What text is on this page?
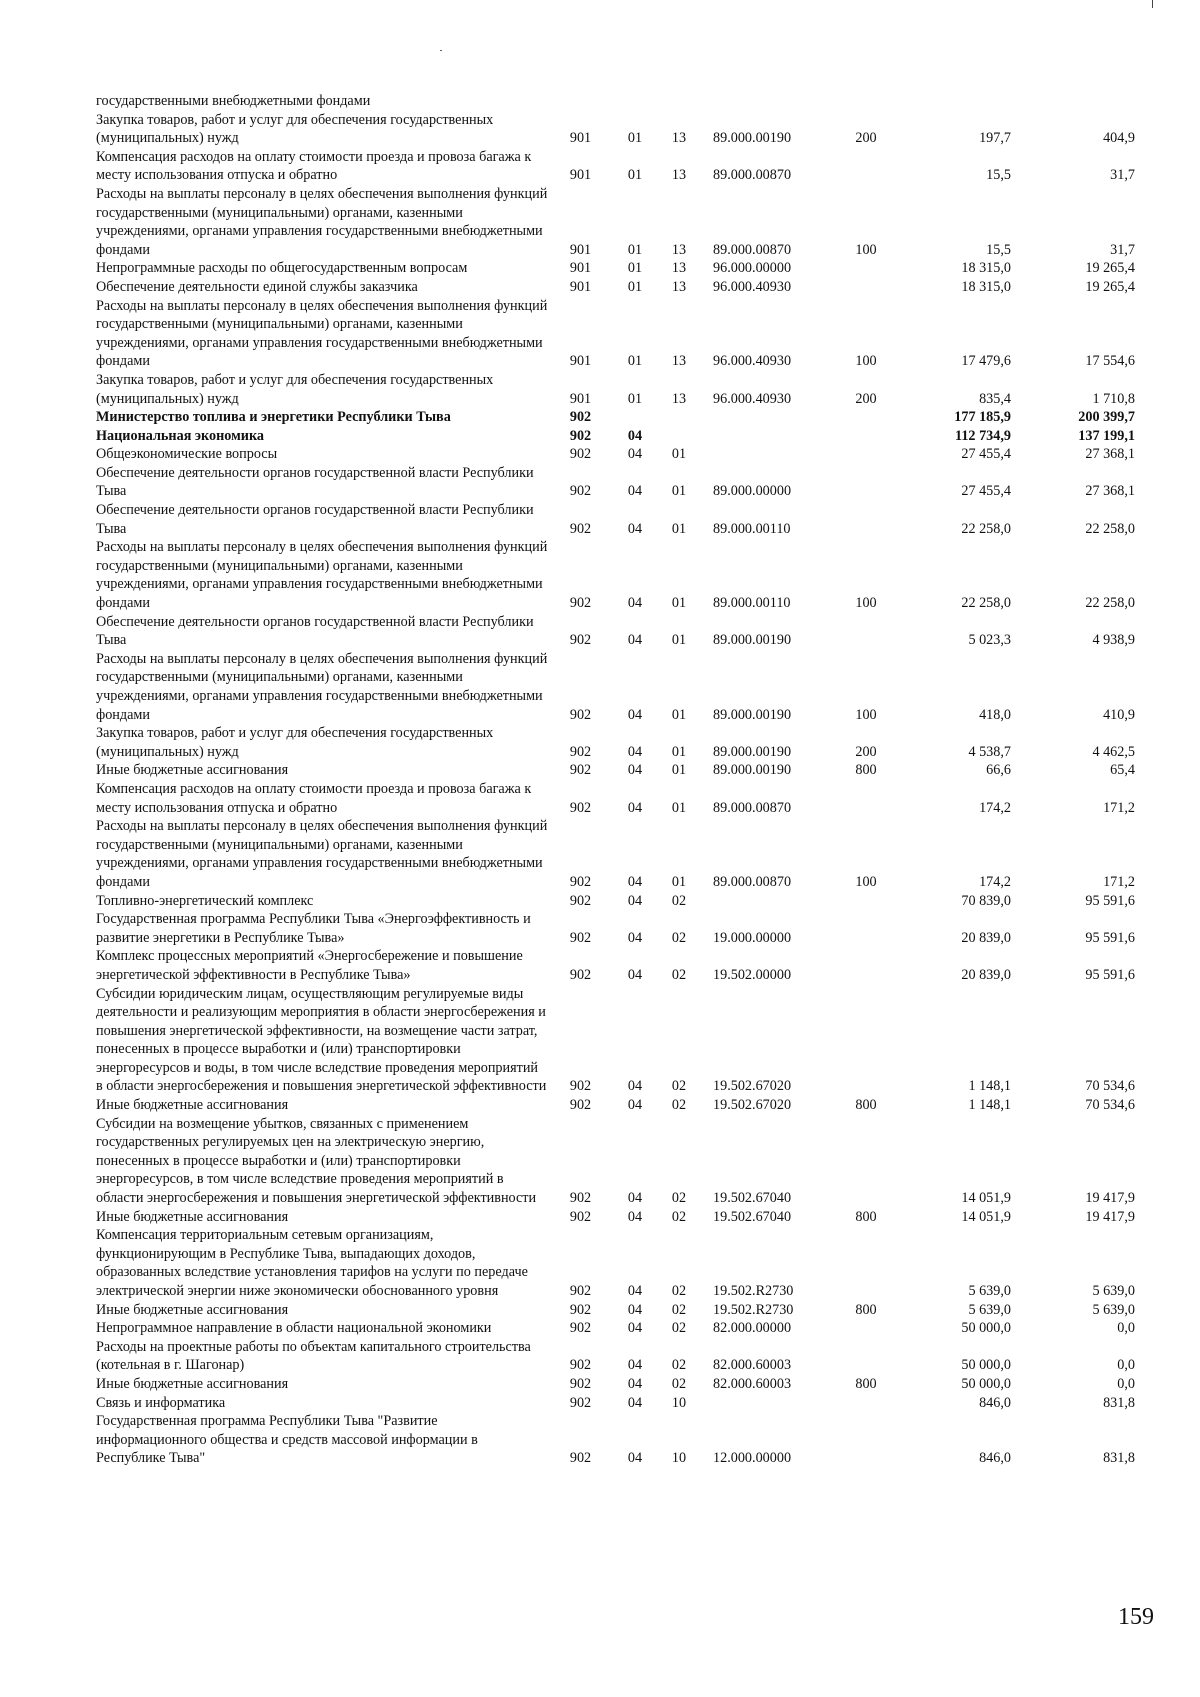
государственными внебюджетными фондами							
Закупка товаров, работ и услуг для обеспечения государственных (муниципальных) нужд	901	01	13	89.000.00190	200	197,7	404,9
Компенсация расходов на оплату стоимости проезда и провоза багажа к месту использования отпуска и обратно	901	01	13	89.000.00870		15,5	31,7
Расходы на выплаты персоналу в целях обеспечения выполнения функций государственными (муниципальными) органами, казенными учреждениями, органами управления государственными внебюджетными фондами	901	01	13	89.000.00870	100	15,5	31,7
Непрограммные расходы по общегосударственным вопросам	901	01	13	96.000.00000		18 315,0	19 265,4
Обеспечение деятельности единой службы заказчика	901	01	13	96.000.40930		18 315,0	19 265,4
Расходы на выплаты персоналу в целях обеспечения выполнения функций государственными (муниципальными) органами, казенными учреждениями, органами управления государственными внебюджетными фондами	901	01	13	96.000.40930	100	17 479,6	17 554,6
Закупка товаров, работ и услуг для обеспечения государственных (муниципальных) нужд	901	01	13	96.000.40930	200	835,4	1 710,8
Министерство топлива и энергетики Республики Тыва	902					177 185,9	200 399,7
Национальная экономика	902	04				112 734,9	137 199,1
Общеэкономические вопросы	902	04	01			27 455,4	27 368,1
Обеспечение деятельности органов государственной власти Республики Тыва	902	04	01	89.000.00000		27 455,4	27 368,1
Обеспечение деятельности органов государственной власти Республики Тыва	902	04	01	89.000.00110		22 258,0	22 258,0
Расходы на выплаты персоналу в целях обеспечения выполнения функций государственными (муниципальными) органами, казенными учреждениями, органами управления государственными внебюджетными фондами	902	04	01	89.000.00110	100	22 258,0	22 258,0
Обеспечение деятельности органов государственной власти Республики Тыва	902	04	01	89.000.00190		5 023,3	4 938,9
Расходы на выплаты персоналу в целях обеспечения выполнения функций государственными (муниципальными) органами, казенными учреждениями, органами управления государственными внебюджетными фондами	902	04	01	89.000.00190	100	418,0	410,9
Закупка товаров, работ и услуг для обеспечения государственных (муниципальных) нужд	902	04	01	89.000.00190	200	4 538,7	4 462,5
Иные бюджетные ассигнования	902	04	01	89.000.00190	800	66,6	65,4
Компенсация расходов на оплату стоимости проезда и провоза багажа к месту использования отпуска и обратно	902	04	01	89.000.00870		174,2	171,2
Расходы на выплаты персоналу в целях обеспечения выполнения функций государственными (муниципальными) органами, казенными учреждениями, органами управления государственными внебюджетными фондами	902	04	01	89.000.00870	100	174,2	171,2
Топливно-энергетический комплекс	902	04	02			70 839,0	95 591,6
Государственная программа Республики Тыва «Энергоэффективность и развитие энергетики в Республике Тыва»	902	04	02	19.000.00000		20 839,0	95 591,6
Комплекс процессных мероприятий «Энергосбережение и повышение энергетической эффективности в Республике Тыва»	902	04	02	19.502.00000		20 839,0	95 591,6
Субсидии юридическим лицам, осуществляющим регулируемые виды деятельности и реализующим мероприятия в области энергосбережения и повышения энергетической эффективности, на возмещение части затрат, понесенных в процессе выработки и (или) транспортировки энергоресурсов и воды, в том числе вследствие проведения мероприятий в области энергосбережения и повышения энергетической эффективности	902	04	02	19.502.67020		1 148,1	70 534,6
Иные бюджетные ассигнования	902	04	02	19.502.67020	800	1 148,1	70 534,6
Субсидии на возмещение убытков, связанных с применением государственных регулируемых цен на электрическую энергию, понесенных в процессе выработки и (или) транспортировки энергоресурсов, в том числе вследствие проведения мероприятий в области энергосбережения и повышения энергетической эффективности	902	04	02	19.502.67040		14 051,9	19 417,9
Иные бюджетные ассигнования	902	04	02	19.502.67040	800	14 051,9	19 417,9
Компенсация территориальным сетевым организациям, функционирующим в Республике Тыва, выпадающих доходов, образованных вследствие установления тарифов на услуги по передаче электрической энергии ниже экономически обоснованного уровня	902	04	02	19.502.R2730		5 639,0	5 639,0
Иные бюджетные ассигнования	902	04	02	19.502.R2730	800	5 639,0	5 639,0
Непрограммное направление в области национальной экономики	902	04	02	82.000.00000		50 000,0	0,0
Расходы на проектные работы по объектам капитального строительства (котельная в г. Шагонар)	902	04	02	82.000.60003		50 000,0	0,0
Иные бюджетные ассигнования	902	04	02	82.000.60003	800	50 000,0	0,0
Связь и информатика	902	04	10			846,0	831,8
Государственная программа Республики Тыва "Развитие информационного общества и средств массовой информации в Республике Тыва"	902	04	10	12.000.00000		846,0	831,8
159
